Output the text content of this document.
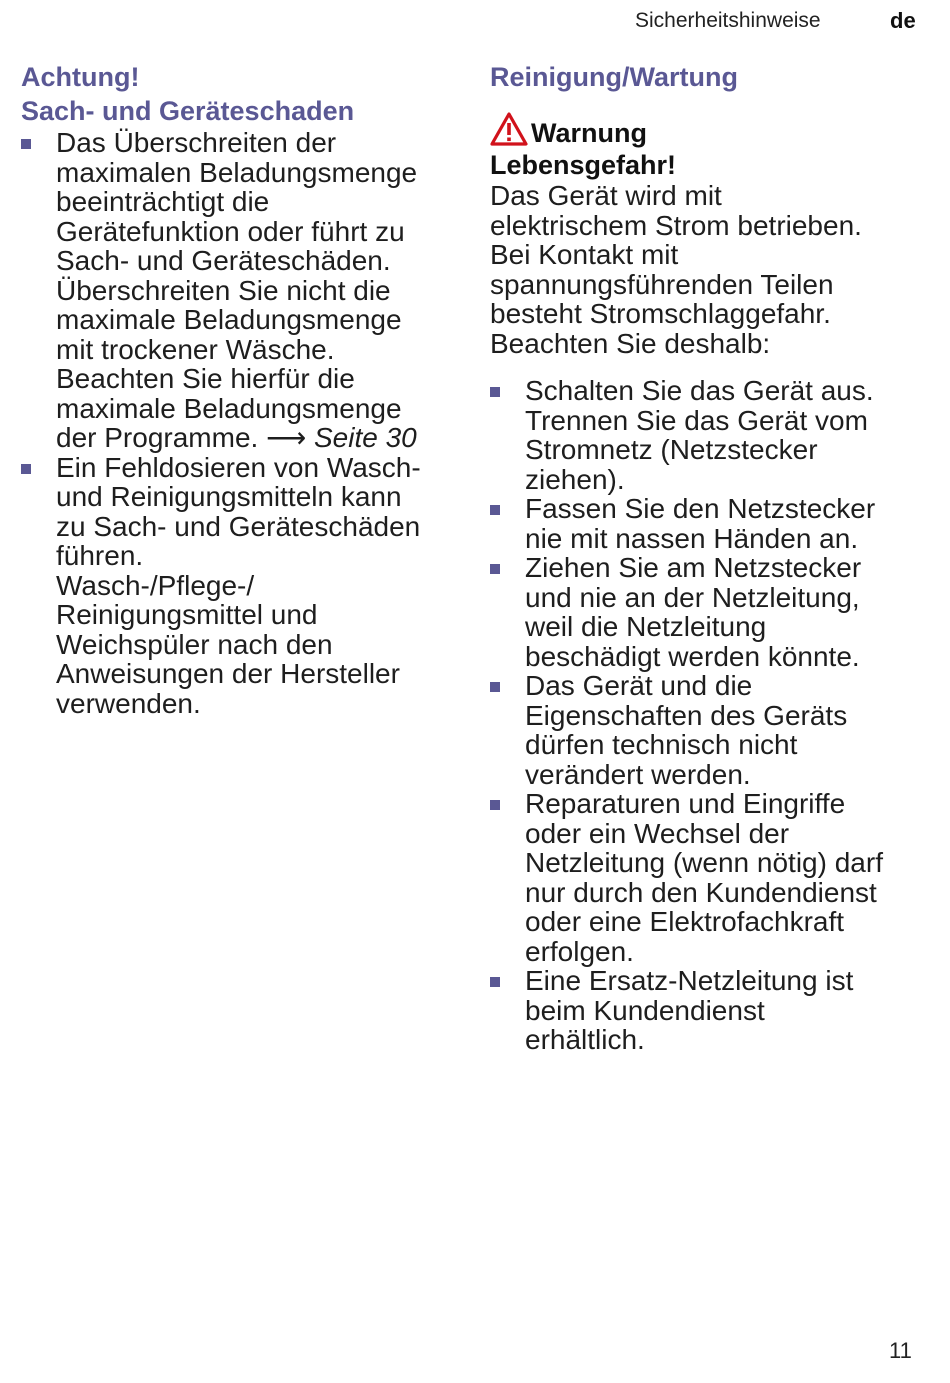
Sicherheitshinweise	de
Achtung!
Sach- und Geräteschaden
Das Überschreiten der
maximalen Beladungsmenge
beeinträchtigt die
Gerätefunktion oder führt zu
Sach- und Geräteschäden.
Überschreiten Sie nicht die
maximale Beladungsmenge
mit trockener Wäsche.
Beachten Sie hierfür die
maximale Beladungsmenge
der Programme. ⟶ Seite 30
Ein Fehldosieren von Wasch-
und Reinigungsmitteln kann
zu Sach- und Geräteschäden
führen.
Wasch-/Pflege-/
Reinigungsmittel und
Weichspüler nach den
Anweisungen der Hersteller
verwenden.
Reinigung/Wartung
Warnung
Lebensgefahr!
Das Gerät wird mit
elektrischem Strom betrieben.
Bei Kontakt mit
spannungsführenden Teilen
besteht Stromschlaggefahr.
Beachten Sie deshalb:
Schalten Sie das Gerät aus.
Trennen Sie das Gerät vom
Stromnetz (Netzstecker
ziehen).
Fassen Sie den Netzstecker
nie mit nassen Händen an.
Ziehen Sie am Netzstecker
und nie an der Netzleitung,
weil die Netzleitung
beschädigt werden könnte.
Das Gerät und die
Eigenschaften des Geräts
dürfen technisch nicht
verändert werden.
Reparaturen und Eingriffe
oder ein Wechsel der
Netzleitung (wenn nötig) darf
nur durch den Kundendienst
oder eine Elektrofachkraft
erfolgen.
Eine Ersatz-Netzleitung ist
beim Kundendienst
erhältlich.
11
